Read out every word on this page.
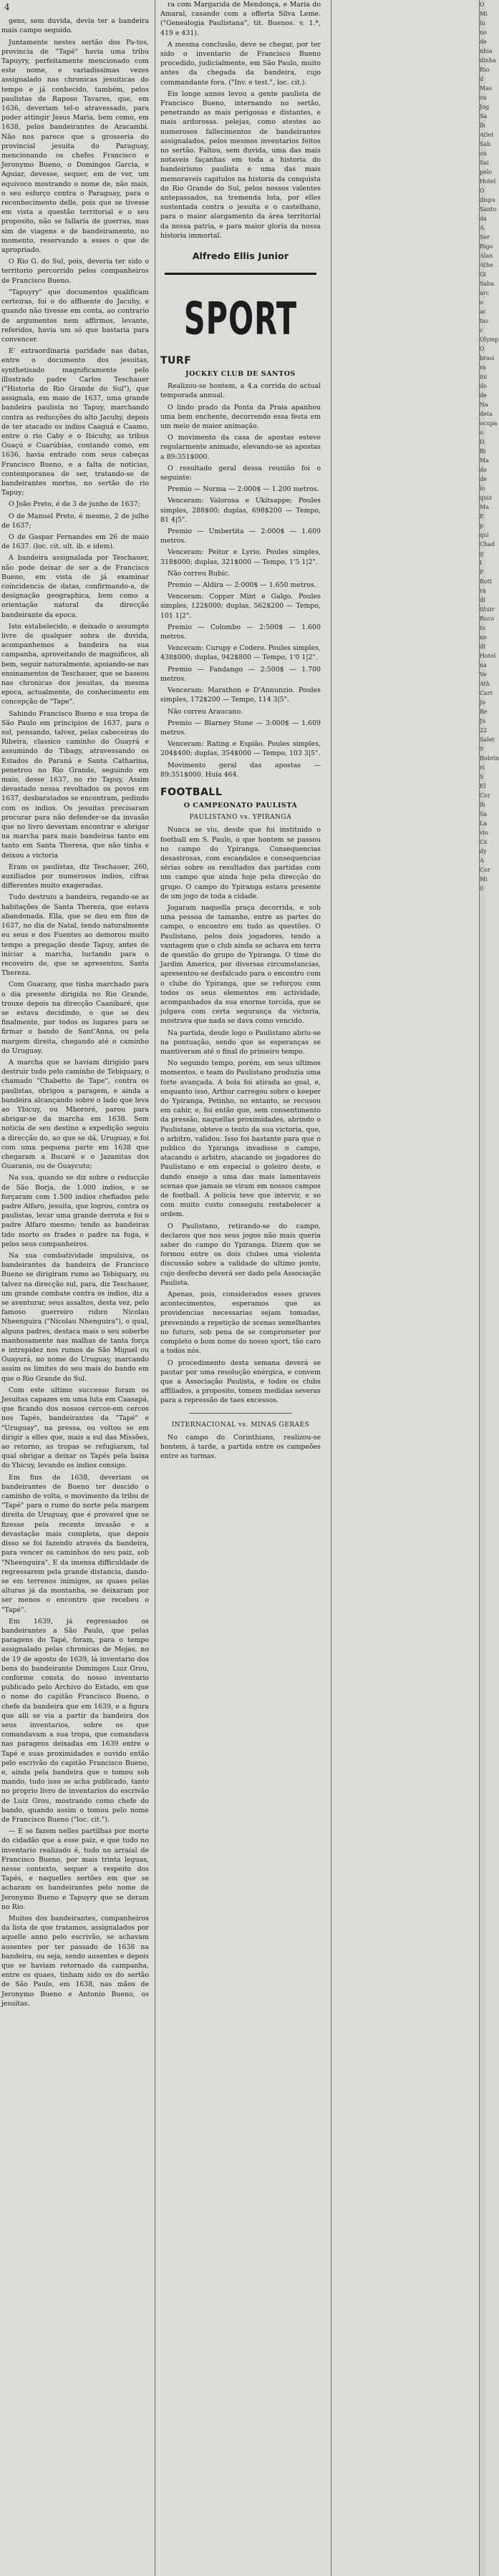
4

gens, sem duvida, devia ter a bandeira mais campo seguido.

Juntamente nestes sertão dos Pa-tos, provincia de "Tapé" havia uma tribu Tapuyry, perfeitamente mencionado com este nome, e variadissimas vezes assignalado nas chronicas jesuiticas do tempo e já conhecido, também, pelos paulistas de Raposo Tavares, que, em 1636, deveriam tel-o atravessado, para poder attingir Jesus Maria, bem como, em 1638, pelos bandeirantes de Aracambi. Não nos parece que a grosseria do provincial jesuita do Paraguay, mencionando os chefes Francisco e Jeronymo Bueno, o Domingos Garcia, e Aguiar, devesse, sequer, em de ver, um equivoco mostrando o nome de, não mais, o seu esforço contra o Paraguay, para o reconhecimento delle, pois que se tivesse em vista a questão territorial e o seu proposito, não se fallaria de guerras, mas sim de viagens e de bandeiramento, no momento, reservando a esses o que de apropriado.

O Rio G. do Sul, pois, deveria ter sido o territorio percorrido pelos companheiros de Francisco Bueno.

"Tapuyry" que documentos qualificam certeiras, foi o do affluente do Jacuhy, e quando não tivesse em conta, ao contrario de argumentos nem affirmos, levante, referidos, havia um só que bastaria para convencer.

E' extraordinaria paridade nas datas, entre o documento dos jesuitas, synthetisado magnificamente pelo illustrado padre Carlos Teschauer ("Historia do Rio Grande do Sul"), que assignala, em maio de 1637, uma grande bandeira paulista no Tapuy, marchando contra as reducções do alto Jacuhy, depois de ter atacado os indios Caaguá e Caamo, entre o rio Caby e o Ibicuhy, as tribus Guaçú e Cuarúbias, contando como, em 1636, havia entrado com seus cabeças Francisco Bueno, e a falta de notícias, contemporanea de ser, tratando-se de bandeirantes mortos, no sertão do rio Tapuy;

O João Preto, é de 3 de junho de 1637;

O de Manuel Preto, é mesmo, 2 de julho de 1637;

O de Gaspar Fernandes em 26 de maio de 1637. (loc. cit. ult. ib. e idem).

A bandeira assignalada por Teschauer, não pode deixar de ser a de Francisco Bueno, em vista de já examinar coincidencia de datas, confirmando-a, de designação geographica, bem como a orientação natural da direcção bandeirante da epoca.

Isto estabelecido, e deixado o assumpto livre de qualquer sobra de duvida, acompanhemos a bandeira na sua campanha, aproveitando de magnificos, ali bem, seguir naturalmente, apoiando-se nas ensinamentos de Teschauer, que se baseou nas chronicas dos jesuitas, da mesma epoca, actualmente, do conhecimento em concepção de "Tape".

Sahindo Francisco Bueno e sua tropa de São Paulo em principios de 1637, para o sul, pensando, talvez, pelas cabeceiras do Ribeira, classico caminho do Guayrá e assumindo do Tibagy, atravessando os Estados do Paraná e Santa Catharina, penetrou no Rio Grande, seguindo em maio, desse 1637, no rio Tapuy, Assim devastado nessa revoltados os povos em 1637, desbaratados se encontram, pedindo com os indios. Os jesuitas precisaram procurar para não defender-se da invasão que no livro deveriam encontrar e abrigar na marcha para mais bandeiras tanto em tanto em Santa Theresa, que não tinha e deixou a victoria

Eram os paulistas, diz Teschauer, 260, auxiliados por numerosos indios, cifras differentes muito exageradas.

Tudo destruiu a bandeira, regando-se as habitações de Santa Thereza, que estava abandonada. Ella, que se deu em fins de 1637, no dia de Natal, tendo naturalmente eu seus e dos Fuentes ao demorou muito tempo a pregação desde Tapuy, antes de iniciar a marcha, luctando para o recoveiro de, que se apresentou, Santa Thereza.

Com Guarany, que tinha marchado para o dia presente dirigida no Rio Grande, trouxe depois na direcção Caanibaré, que se estava decidindo, o que se deu finalmente, por todos os lugares para se firmar o bando de Sant'Anna, ou pela margem direita, chegando até o caminho do Uruguay.

A marcha que se haviam dirigido para destruir tudo pelo caminho de Tebiquary, o chamado "Chabetto de Tape", contra os paulistas, obrigou a paragem, e ainda a bandeira alcançando sobre o lado que leva ao Ybicuy, ou Mbororé, parou para abrigar-se da marcha em 1638. Sem noticia de seu destino a expedição seguiu a direcção do, ao que se dá, Uruguay, e foi com uma pequena parte em 1638 que chegaram a Bucaré e o Jazanitas dos Guaranis, ou de Guaycutu;

Na sua, quando se diz sobre o reducção de São Borja, de 1.000 indios, e se forçaram com 1.500 indios chefiados pelo padre Alfaro, jesuita, que logrou, contra os paulistas, levar uma grande derrota e foi o padre Alfaro mesmo; tendo as bandeiras tido morto os frades o padre na fuga, e pelos seus companheiros.

Na sua combatividade impulsiva, os bandeirantes da bandeira de Francisco Bueno se dirigiram rumo ao Tebiquary, ou talvez na direcção sul, para, diz Teschauer, um grande combate contra os indios, diz a se aventurar, seus assaltos, desta vez, pelo famoso guerreiro rubro Nicolau Nheenguira ("Nicolau Nhenguira"), o qual, alguns padres, destaca mais o seu soberbo manhosamente nas malhas de tanta força e intrepidez nos rumos de São Miguel ou Guayurá, no nome do Uruguay, marcando assim os limites do seu mais do bando em que o Rio Grande do Sul.

Com este ultimo successo foram os Jesuitas capazes em uma luta em Caasapá, que ficando dos nossos cercos-em cercos nos Tapés, bandeirantes da "Tapé" e "Uruguay", na pressa, ou voltou se em dirigir a elles que, mais a sul das Missões, ao retorno, as tropas se refugiaram, tal qual obrigar a deixar os Tapés pela baixa do Ybicuy, levando os indios consigo.

Em fins de 1638, deveriam os bandeirantes de Bueno ter descido o caminho de volta, o movimento da tribu de "Tapé" para o rumo do norte pela margem direita do Uruguay, que é provavel que se fizesse pela recente invasão e a devastação mais completa, que depois disso se foi fazendo através da bandeira, para vencer os caminhos do seu paiz, sob "Nheenguira". E da imensa difficuldade de regressarem pela grande distancia, dando-se em terrenos inimigos, as quaes pelas alturas já da montanha, se deixaram por ser menos o encontro que recebeu o "Tapé".

Em 1639, já regressados os bandeirantes a São Paulo, que pelas paragens do Tapé, foram, para o tempo assignalado pelas chronicas de Mojas, no de 19 de agosto do 1639, lá inventario dos bens do bandeirante Domingos Luiz Grou, conforme consta do nosso inventario publicado pelo Archivo do Estado, em que o nome do capitão Francisco Bueno, o chefe da bandeira que em 1639, e a figura que alli se via a partir da bandeira dos seus inventarios, sobre os que comandavam a sua tropa, que comandava nas paragens deixadas em 1639 entre o Tapé e suas proximidades e ouvido então pelo escrivão do capitão Francisco Bueno, e, ainda pela bandeira que o tomou sob mando, tudo isso se acha publicado, tanto no proprio livro de inventarios do escrivão de Luiz Grou, mostrando como chefe do bando, quando assim o tomou pelo nome de Francisco Bueno ("loc. cit.").

— E se fazem nelles partilhas por morte do cidadão que a esse paiz, e que tudo no inventario realizado é, tudo no arraial de Francisco Bueno, por mais trinta leguas, nesse contexto, sequer a respeito dos Tapés, e naquelles sertões em que se acharam os bandeirantes pelo nome de Jeronymo Bueno e Tapuyry que se deram no Rio.

Muitos dos bandeirantes, companheiros da lista de que tratamos, assignalados por aquelle anno pelo escrivão, se achavam ausentes por ter passado de 1638 na bandeira, ou seja, sendo ausentes e depois que se haviam retornado da campanha, entre os quaes, tinham sido os do sertão de São Paulo, em 1638, nas mãos de Jeronymo Bueno e Antonio Bueno, os jesuitas.

ra com Margarida de Mendonça, e Maria do Amaral, casando com a offerta Silva Leme. ("Genealogia Paulistana", tit. Buenos. v. 1.*, 419 e 431).

A mesma conclusão, deve se chegar, por ter sido o inventario de Francisco Bueno procedido, judicialmente, em São Paulo, muito antes da chegada da bandeira, cujo commandante fora. ("Inv. e test.", loc. cit.).

Eis longe annos levou a gente paulista de Francisco Bueno, internando no sertão, penetrando as mais perigosas e distantes, e mais ardorosas. pelejas, como atestes ao numerosos fallecimentos de bandeirantes assignalados, pelos mesmos inventarios feitos no sertão. Faltou, sem duvida, uma das mais notaveis façanhas em toda a historia do bandeirismo paulista e uma das mais memoraveis capitulos na historia da conquista do Rio Grande do Sul, pelos nossos valentes antepassados, na tremenda luta, por elles sustentada contra o jesuita e o castelhano, para o maior alargamento da área territorial da nossa patria, e para maior gloria da nossa historia immortal.

Alfredo Ellis Junior
SPORT
TURF

JOCKEY CLUB DE SANTOS

Realizou-se hontem, a 4.a corrida do actual temporada annual.

O lindo prado da Ponta da Praia apanhou uma bem enchente, decorrendo essa festa em um meio de maior animação.

O movimento da casa de apostas esteve regularmente animado, elevando-se as apostas a 89:351$000.

O resultado geral dessa reunião foi o seguinte:

Premio — Norma — 2:000$ — 1.200 metros.

Venceram: Valorosa e Ukitsappe; Poules simples, 288$00; duplas, 698$200 — Tempo, 81 4|5".

Premio — Umbertita — 2:000$ — 1.609 metros.

Venceram: Peitor e Lyrio. Poules simples, 318$000; duplas, 321$000 — Tempo, 1'5 1|2".

Não correu Rubic.

Premio — Aldira — 2:000$ — 1.650 metros.

Venceram: Copper Mint e Galgo. Poules simples, 122$000; duplas, 562$200 — Tempo, 101 1|2".

Premio — Colombo — 2:500$ — 1.600 metros.

Venceram: Curupy e Codero. Poules simples, 438$000; duplas, 942$800 — Tempo, 1'0 1|2".

Premio — Fandango — 2:500$ — 1.700 metros.

Venceram: Marathon e D'Annunzio. Poules simples, 172$200 — Tempo, 114 3|5".

Não correu Araucano.

Premio — Blarney Stone — 3:000$ — 1.609 metros.

Venceram: Rating e Espião. Poules simples, 204$400; duplas, 354$000 — Tempo, 103 3|5".

Movimento geral das apostas — 89:351$000. Huía 464.

FOOTBALL

O CAMPEONATO PAULISTA

PAULISTANO vs. YPIRANGA

Nunca se viu, desde que foi instituido o football em S. Paulo, o que hontem se passou no campo do Ypiranga. Consequencias desastrosas, com escandalos e consequencias sérias sobre os resultados das partidas com um campo que ainda hoje pela direcção do grupo. O campo do Ypiranga estava presente de um jogo de toda a cidade.

Jogaram naquella praça decorrida, e sob uma pessoa de tamanho, entre as partes do campo, o encontro em tudo as questões. O Paulistano, pelos dois jogadores, tendo a vantagem que o club ainda se achava em terra de questão do grupo do Ypiranga. O time do Jardim America, por diversas circumstancias, apresentou-se desfalcado para o encontro com o clube do Ypiranga, que se reforçou com todos os seus elementos em actividade, acompanhados da sua enorme torcida, que se julgava com certa segurança da victoria, mostrava que nada se dava como vencido.

Na partida, desde logo o Paulistano abriu-se na pontuação, sendo que as esperanças se mantiveram até o final do primeiro tempo.

No segundo tempo, porém, em seus ultimos momentos, o team do Paulistano produzia uma forte avançada. A bola foi atirada ao goal, e, enquanto isso, Arthur carregou sobre o keeper do Ypiranga, Petinho, no entanto, se recusou em cahir, e, foi então que, sem consentimento da pressão, naquellas proximidades, abrindo o Paulistano, obteve o tento da sua victoria, que, o arbitro, validou. Isso foi bastante para que o publico do Ypiranga invadisse o campo, atacando o arbitro, atacando os jogadores do Paulistano e em especial o goleiro deste, e dando ensejo a uma das mais lamentaveis scenas que jamais se viram em nossos campos de football. A policia teve que intervir, e so com muito custo conseguiu restabelecer a ordem.

O Paulistano, retirando-se do campo, declarou que nos seus jogos não mais queria saber do campo do Ypiranga. Dizem que se formou entre os dois clubes uma violenta discussão sobre a validade do ultimo ponto, cujo desfecho deverá ser dado pela Associação Paulista.

Apenas, pois, considerados esses graves acontecimentos, esperamos que as providencias necessarias sejam tomadas, prevenindo a repetição de scenas semelhantes no futuro, sob pena de se comprometer por completo o bom nome do nosso sport, tão caro a todos nós.

O procedimento desta semana deverá se pautar por uma resolução enérgica, e convem que a Associação Paulista, e todos os clubs affiliados, a proposito, tomem medidas severas para a repressão de taes excessos.

INTERNACIONAL vs. MINAS GERAES

No campo do Corinthians, realizou-se hontem, á tarde, a partida entre os campeões entre as turmas.

O Mi
lu
no
de
nhia
dinha
Rio d
Mas
ou
Jog
Sa
lh
Atlet
Sab
ou
Sai
pelo
Hotel
O
dispu
Santo
da A.
Ser
Rigo
Alan
Athe
Gi
Saba
arc
o ac
tas c
Olymp
O
brasi
ra ini
do de
Na
deta
ocupa
o D.
Bi
Ma
do de
lo
quiz
Ma
E
p
qui
Chad
g
I
P
Bott
ra
di
tituir
Roco
to
no
dt
Hotel
na Ve
Ath
Cart
Jo
Be
Ju
22
Salet
9
Bobrin
ri
S
El
Cor
lh
Sa
La
vio
Cx
dy
A
Cor
Mi
0
